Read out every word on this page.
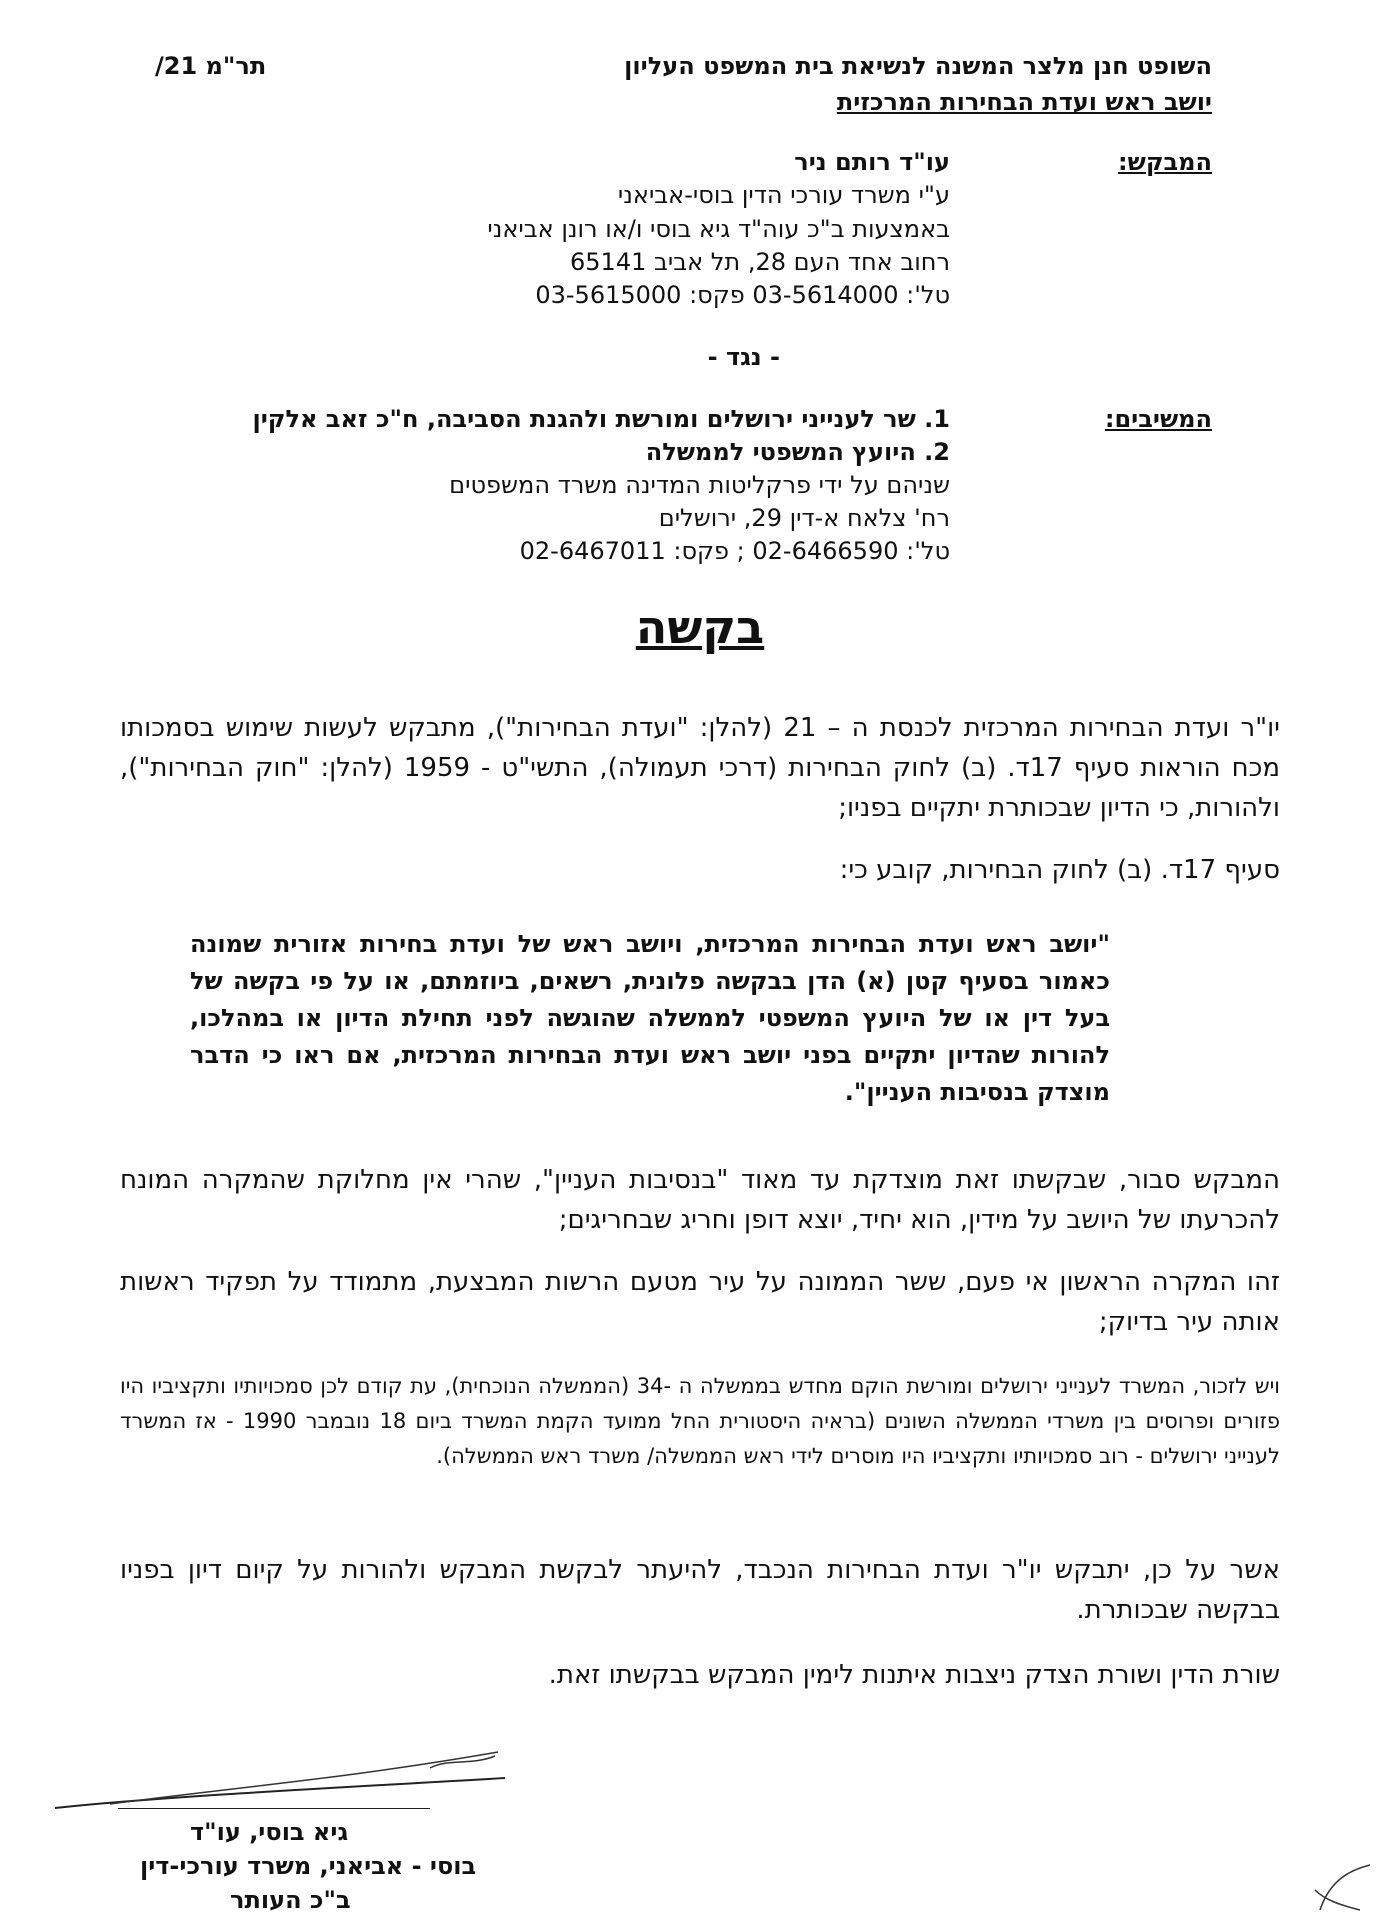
השופט חנן מלצר המשנה לנשיאת בית המשפט העליון
יושב ראש ועדת הבחירות המרכזית
תר"מ 21/
המבקש:
עו"ד רותם ניר
ע"י משרד עורכי הדין בוסי-אביאני
באמצעות ב"כ עוה"ד גיא בוסי ו/או רונן אביאני
רחוב אחד העם 28, תל אביב 65141
טל': 03-5614000 פקס: 03-5615000
- נגד -
המשיבים:
1. שר לענייני ירושלים ומורשת ולהגנת הסביבה, ח"כ זאב אלקין
2. היועץ המשפטי לממשלה
שניהם על ידי פרקליטות המדינה משרד המשפטים
רח' צלאח א-דין 29, ירושלים
טל': 02-6466590 ; פקס: 02-6467011
בקשה
יו"ר ועדת הבחירות המרכזית לכנסת ה – 21 (להלן: "ועדת הבחירות"), מתבקש לעשות שימוש בסמכותו מכח הוראות סעיף 17ד. (ב) לחוק הבחירות (דרכי תעמולה), התשי"ט - 1959 (להלן: "חוק הבחירות"), ולהורות, כי הדיון שבכותרת יתקיים בפניו;
סעיף 17ד. (ב) לחוק הבחירות, קובע כי:
"יושב ראש ועדת הבחירות המרכזית, ויושב ראש של ועדת בחירות אזורית שמונה כאמור בסעיף קטן (א) הדן בבקשה פלונית, רשאים, ביוזמתם, או על פי בקשה של בעל דין או של היועץ המשפטי לממשלה שהוגשה לפני תחילת הדיון או במהלכו, להורות שהדיון יתקיים בפני יושב ראש ועדת הבחירות המרכזית, אם ראו כי הדבר מוצדק בנסיבות העניין".
המבקש סבור, שבקשתו זאת מוצדקת עד מאוד "בנסיבות העניין", שהרי אין מחלוקת שהמקרה המונח להכרעתו של היושב על מידין, הוא יחיד, יוצא דופן וחריג שבחריגים;
זהו המקרה הראשון אי פעם, ששר הממונה על עיר מטעם הרשות המבצעת, מתמודד על תפקיד ראשות אותה עיר בדיוק;
ויש לזכור, המשרד לענייני ירושלים ומורשת הוקם מחדש בממשלה ה -34 (הממשלה הנוכחית), עת קודם לכן סמכויותיו ותקציביו היו פזורים ופרוסים בין משרדי הממשלה השונים (בראיה היסטורית החל ממועד הקמת המשרד ביום 18 נובמבר 1990 - אז המשרד לענייני ירושלים - רוב סמכויותיו ותקציביו היו מוסרים לידי ראש הממשלה/ משרד ראש הממשלה).
אשר על כן, יתבקש יו"ר ועדת הבחירות הנכבד, להיעתר לבקשת המבקש ולהורות על קיום דיון בפניו בבקשה שבכותרת.
שורת הדין ושורת הצדק ניצבות איתנות לימין המבקש בבקשתו זאת.
גיא בוסי, עו"ד
בוסי - אביאני, משרד עורכי-דין
ב"כ העותר
